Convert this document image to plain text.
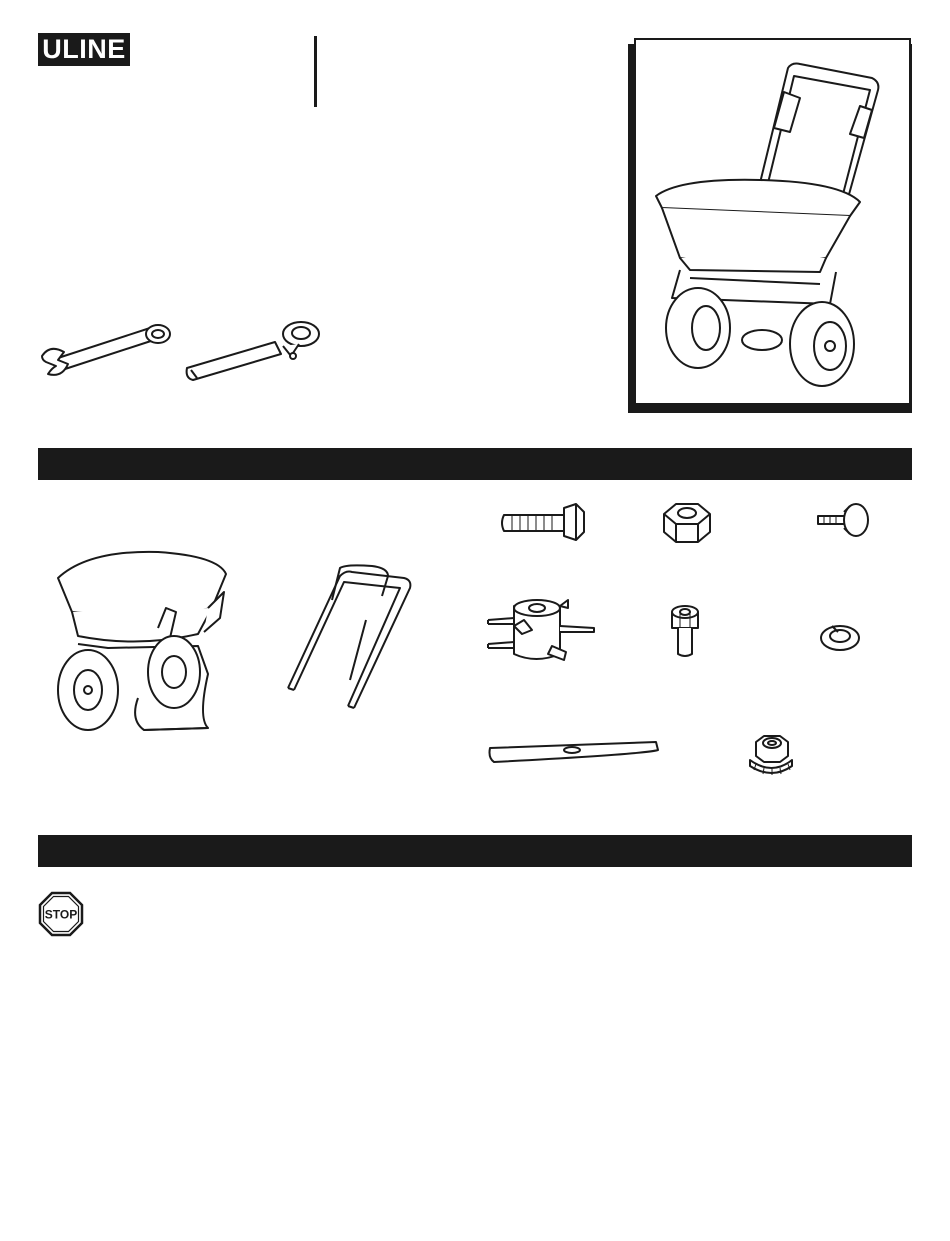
ULINE
STOP
